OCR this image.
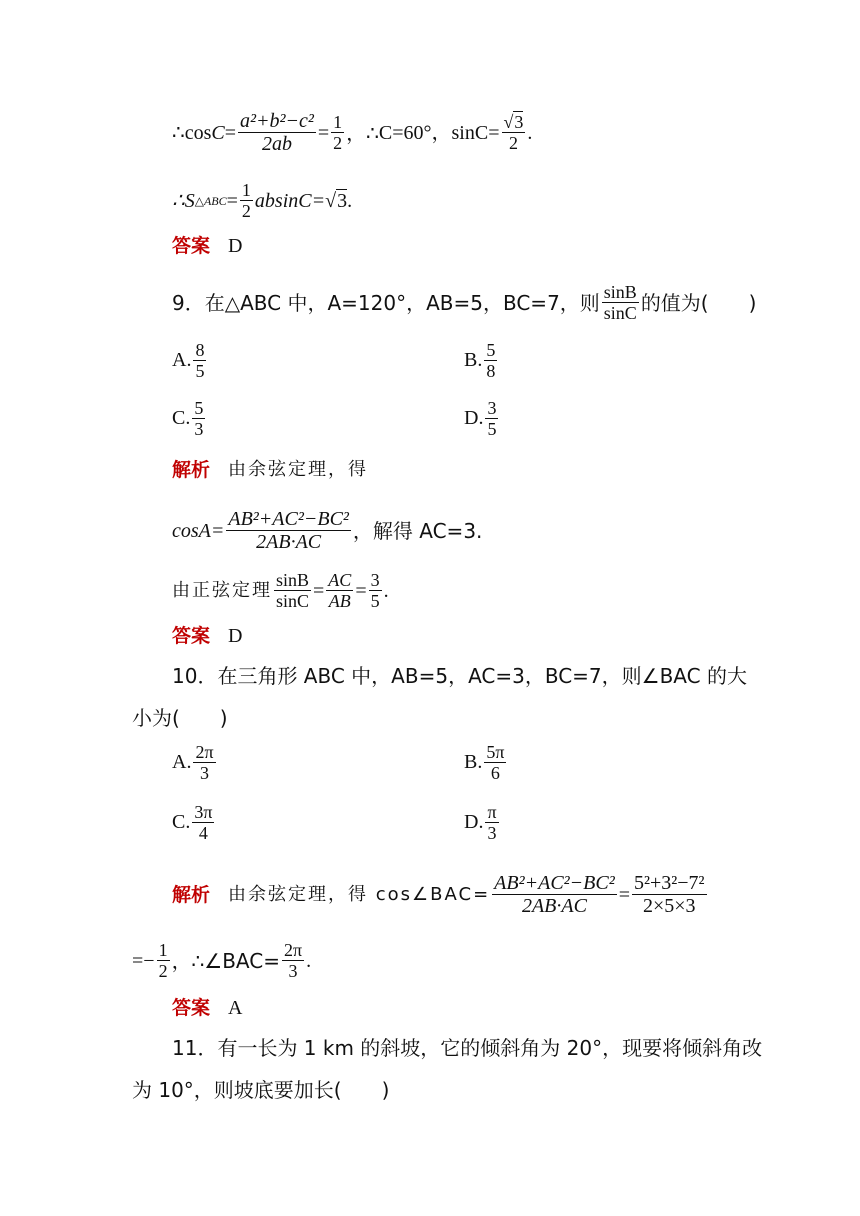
∴ $\cos C = \frac{\text{a²+b²−c²}}{2ab} = \frac{1}{2}$ ，∴ C=60°，$\sin C= \frac{√3}{2}$ .
∴S △ABC = $\frac{1}{2} absinC= √3$ .
答案 D
9．在△ABC 中，A=120°，AB=5，BC=7，则 $\frac{\sin B}{\sin C}$ 的值为(　　)
A. $\frac{8}{5}$	B. $\frac{5}{8}$
C. $\frac{5}{3}$	D. $\frac{3}{5}$
解析 由余弦定理，得
$\cos A= \frac{\text{AB²+AC²−BC²}}{2AB\cdot AC}$ ，解得 AC=3.
由正弦定理 $\frac{\sin B}{\sin C} = \frac{AC}{AB} = \frac{3}{5}$ .
答案 D
10．在三角形 ABC 中，AB=5，AC=3，BC=7，则∠BAC 的大
小为(　　)
A. $\frac{2\pi}{3}$	B. $\frac{5\pi}{6}$
C. $\frac{3\pi}{4}$	D. $\frac{\pi}{3}$
解析 由余弦定理，得 cos∠BAC= $\frac{\text{AB²+AC²−BC²}}{2AB\cdot AC} = \frac{\text{5²+3²−7²}}{2\times 5\times 3}$
=− $\frac{1}{2}$ ，∴∠BAC= $\frac{2\pi}{3}$ .
答案 A
11．有一长为 1 km 的斜坡，它的倾斜角为 20°，现要将倾斜角改
为 10°，则坡底要加长(　　)
